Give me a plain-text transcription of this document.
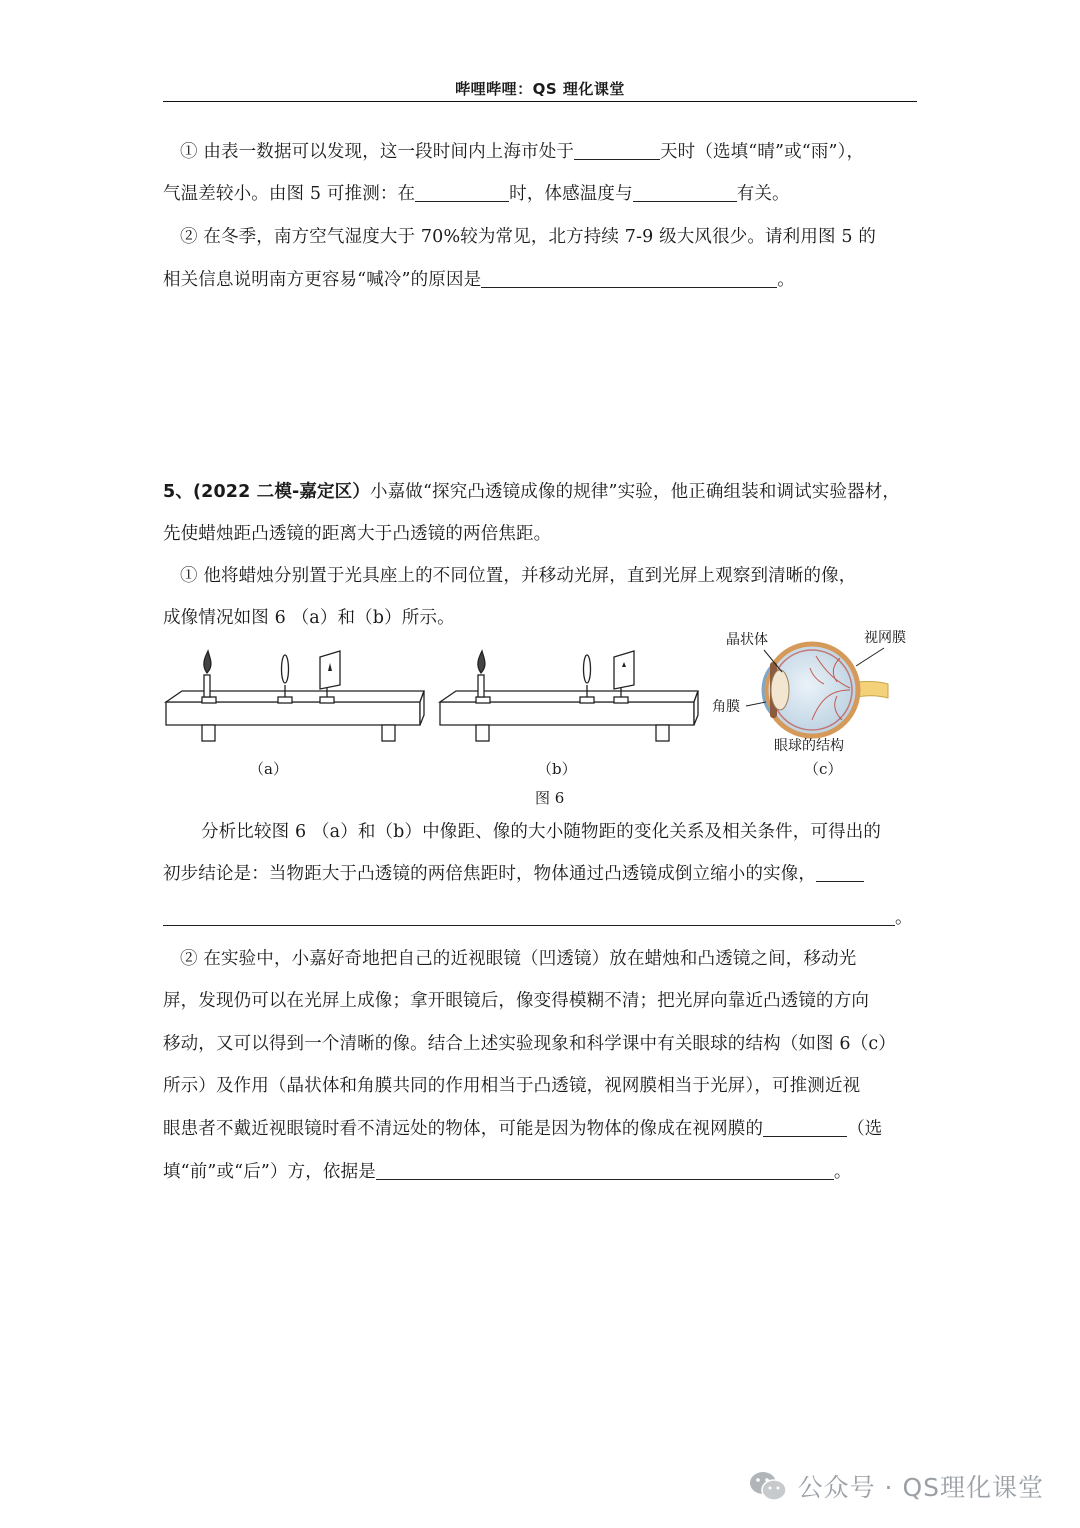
哔哩哔哩：QS 理化课堂
① 由表一数据可以发现，这一段时间内上海市处于	天时（选填“晴”或“雨”），
气温差较小。由图 5 可推测：在	时，体感温度与	有关。
② 在冬季，南方空气湿度大于 70%较为常见，北方持续 7-9 级大风很少。请利用图 5 的
相关信息说明南方更容易“喊冷”的原因是	。
5、(2022 二模-嘉定区）小嘉做“探究凸透镜成像的规律”实验，他正确组装和调试实验器材，
先使蜡烛距凸透镜的距离大于凸透镜的两倍焦距。
① 他将蜡烛分别置于光具座上的不同位置，并移动光屏，直到光屏上观察到清晰的像，
成像情况如图 6 （a）和（b）所示。
晶状体	视网膜
角膜
眼球的结构
（a）	（b）	（c）
图 6
分析比较图 6 （a）和（b）中像距、像的大小随物距的变化关系及相关条件，可得出的
初步结论是：当物距大于凸透镜的两倍焦距时，物体通过凸透镜成倒立缩小的实像，
。
② 在实验中，小嘉好奇地把自己的近视眼镜（凹透镜）放在蜡烛和凸透镜之间，移动光
屏，发现仍可以在光屏上成像；拿开眼镜后，像变得模糊不清；把光屏向靠近凸透镜的方向
移动，又可以得到一个清晰的像。结合上述实验现象和科学课中有关眼球的结构（如图 6（c）
所示）及作用（晶状体和角膜共同的作用相当于凸透镜，视网膜相当于光屏），可推测近视
眼患者不戴近视眼镜时看不清远处的物体，可能是因为物体的像成在视网膜的	（选
填“前”或“后”）方，依据是	。
公众号 · QS理化课堂
